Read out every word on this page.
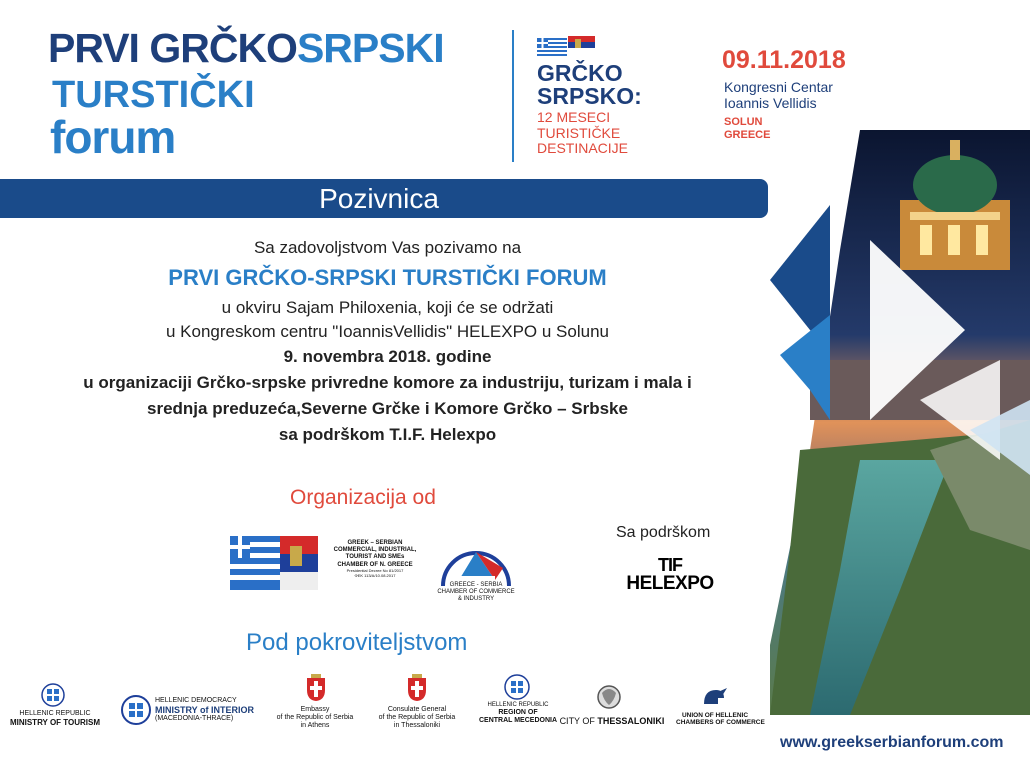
PRVI GRČKOSRPSKI
TURSTIČKI
forum
GRČKO SRPSKO:
12 MESECI TURISTIČKE DESTINACIJE
09.11.2018
Kongresni Centar
Ioannis Vellidis
SOLUN
GREECE
Pozivnica
Sa zadovoljstvom Vas pozivamo na
PRVI GRČKO-SRPSKI TURSTIČKI FORUM
u okviru Sajam Philoxenia, koji će se održati
u Kongreskom centru "IoannisVellidis" HELEXPO u Solunu
9. novembra 2018. godine
u organizaciji Grčko-srpske privredne komore za industriju, turizam i mala i
srednja preduzeća,Severne Grčke i Komore Grčko – Srbske
sa podrškom T.I.F. Helexpo
Organizacija od
GREEK – SERBIAN
COMMERCIAL, INDUSTRIAL,
TOURIST AND SMEs
CHAMBER OF N. GREECE
Presidential Decree No 81/2017
ΦΕΚ 113/Α/10.08.2017
GREECE - SERBIA
CHAMBER OF COMMERCE
& INDUSTRY
Sa podrškom
TIF
HELEXPO
Pod pokroviteljstvom
HELLENIC REPUBLIC
MINISTRY OF TOURISM
HELLENIC DEMOCRACY
MINISTRY of INTERIOR
(MACEDONIA-THRACE)
Embassy
of the Republic of Serbia
in Athens
Consulate General
of the Republic of Serbia
in Thessaloniki
HELLENIC REPUBLIC
REGION OF
CENTRAL MECEDONIA CITY OF THESSALONIKI
UNION OF HELLENIC
CHAMBERS OF COMMERCE
www.greekserbianforum.com
